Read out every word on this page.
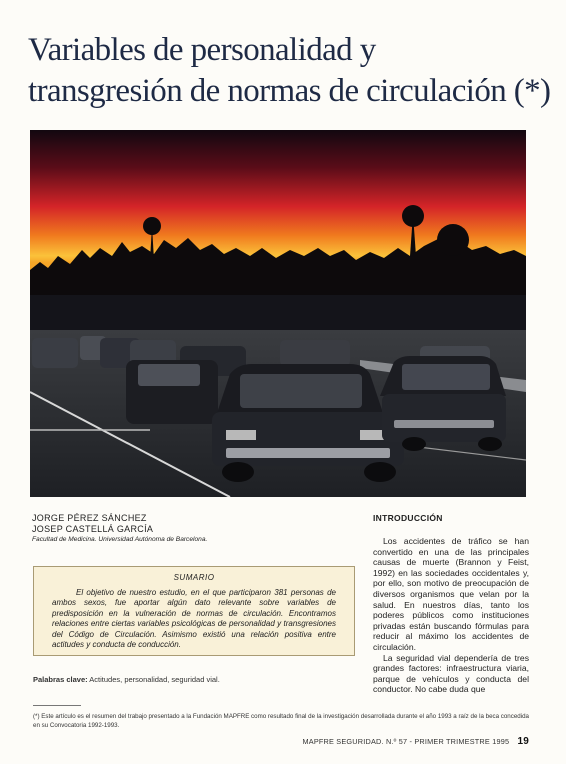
Variables de personalidad y
transgresión de normas de circulación (*)
JORGE PÉREZ SÁNCHEZ
JOSEP CASTELLÁ GARCÍA
Facultad de Medicina. Universidad Autónoma de Barcelona.
SUMARIO

El objetivo de nuestro estudio, en el que participaron 381 personas de ambos sexos, fue aportar algún dato relevante sobre variables de predisposición en la vulneración de normas de circulación. Encontramos relaciones entre ciertas variables psicológicas de personalidad y transgresiones del Código de Circulación. Asimismo existió una relación positiva entre actitudes y conducta de conducción.

Palabras clave: Actitudes, personalidad, seguridad vial.
INTRODUCCIÓN

Los accidentes de tráfico se han convertido en una de las principales causas de muerte (Brannon y Feist, 1992) en las sociedades occidentales y, por ello, son motivo de preocupación de diversos organismos que velan por la salud. En nuestros días, tanto los poderes públicos como instituciones privadas están buscando fórmulas para reducir al máximo los accidentes de circulación.

La seguridad vial dependería de tres grandes factores: infraestructura viaria, parque de vehículos y conducta del conductor. No cabe duda que

(*) Este artículo es el resumen del trabajo presentado a la Fundación MAPFRE como resultado final de la investigación desarrollada durante el año 1993 a raíz de la beca concedida en su Convocatoria 1992-1993.
MAPFRE SEGURIDAD. N.º 57 - PRIMER TRIMESTRE 1995 19
